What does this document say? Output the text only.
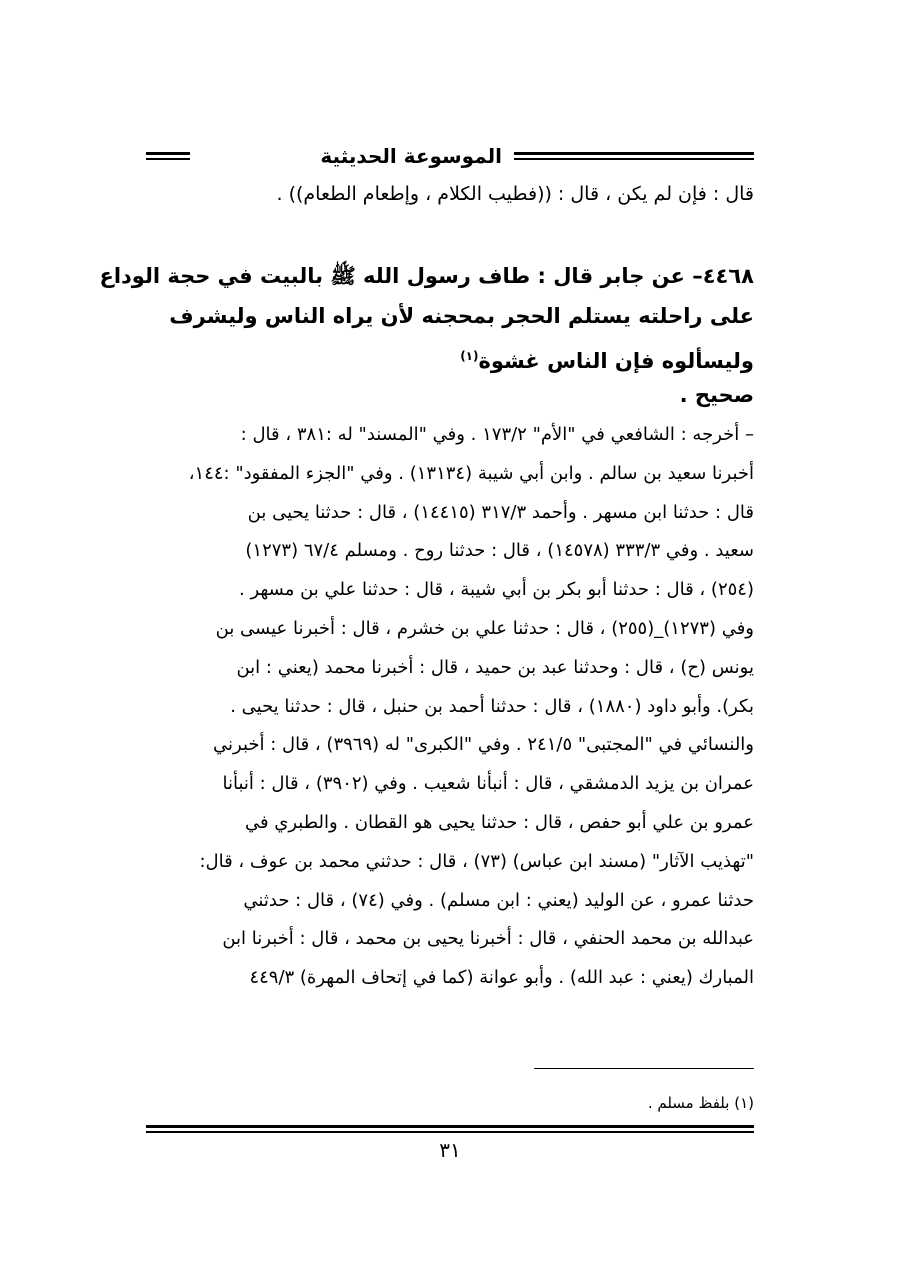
الموسوعة الحديثية
قال : فإن لم يكن ، قال : ((فطيب الكلام ، وإطعام الطعام)) .
٤٤٦٨– عن جابر قال : طاف رسول الله ﷺ بالبيت في حجة الوداع
على راحلته يستلم الحجر بمحجنه لأن يراه الناس وليشرف
وليسألوه فإن الناس غشوة$^{(١)}$
صحيح .
– أخرجه : الشافعي في "الأم" ١٧٣/٢ . وفي "المسند" له :٣٨١ ، قال :
أخبرنا سعيد بن سالم . وابن أبي شيبة (١٣١٣٤) . وفي "الجزء المفقود" :١٤٤،
قال : حدثنا ابن مسهر . وأحمد ٣١٧/٣ (١٤٤١٥) ، قال : حدثنا يحيى بن
سعيد . وفي ٣٣٣/٣ (١٤٥٧٨) ، قال : حدثنا روح . ومسلم ٦٧/٤ (١٢٧٣)
(٢٥٤) ، قال : حدثنا أبو بكر بن أبي شيبة ، قال : حدثنا علي بن مسهر .
وفي (١٢٧٣)_(٢٥٥) ، قال : حدثنا علي بن خشرم ، قال : أخبرنا عيسى بن
يونس (ح) ، قال : وحدثنا عبد بن حميد ، قال : أخبرنا محمد (يعني : ابن
بكر). وأبو داود (١٨٨٠) ، قال : حدثنا أحمد بن حنبل ، قال : حدثنا يحيى .
والنسائي في "المجتبى" ٢٤١/٥ . وفي "الكبرى" له (٣٩٦٩) ، قال : أخبرني
عمران بن يزيد الدمشقي ، قال : أنبأنا شعيب . وفي (٣٩٠٢) ، قال : أنبأنا
عمرو بن علي أبو حفص ، قال : حدثنا يحيى هو القطان . والطبري في
"تهذيب الآثار" (مسند ابن عباس) (٧٣) ، قال : حدثني محمد بن عوف ، قال:
حدثنا عمرو ، عن الوليد (يعني : ابن مسلم) . وفي (٧٤) ، قال : حدثني
عبدالله بن محمد الحنفي ، قال : أخبرنا يحيى بن محمد ، قال : أخبرنا ابن
المبارك (يعني : عبد الله) . وأبو عوانة (كما في إتحاف المهرة) ٤٤٩/٣
(١) بلفظ مسلم .
٣١
